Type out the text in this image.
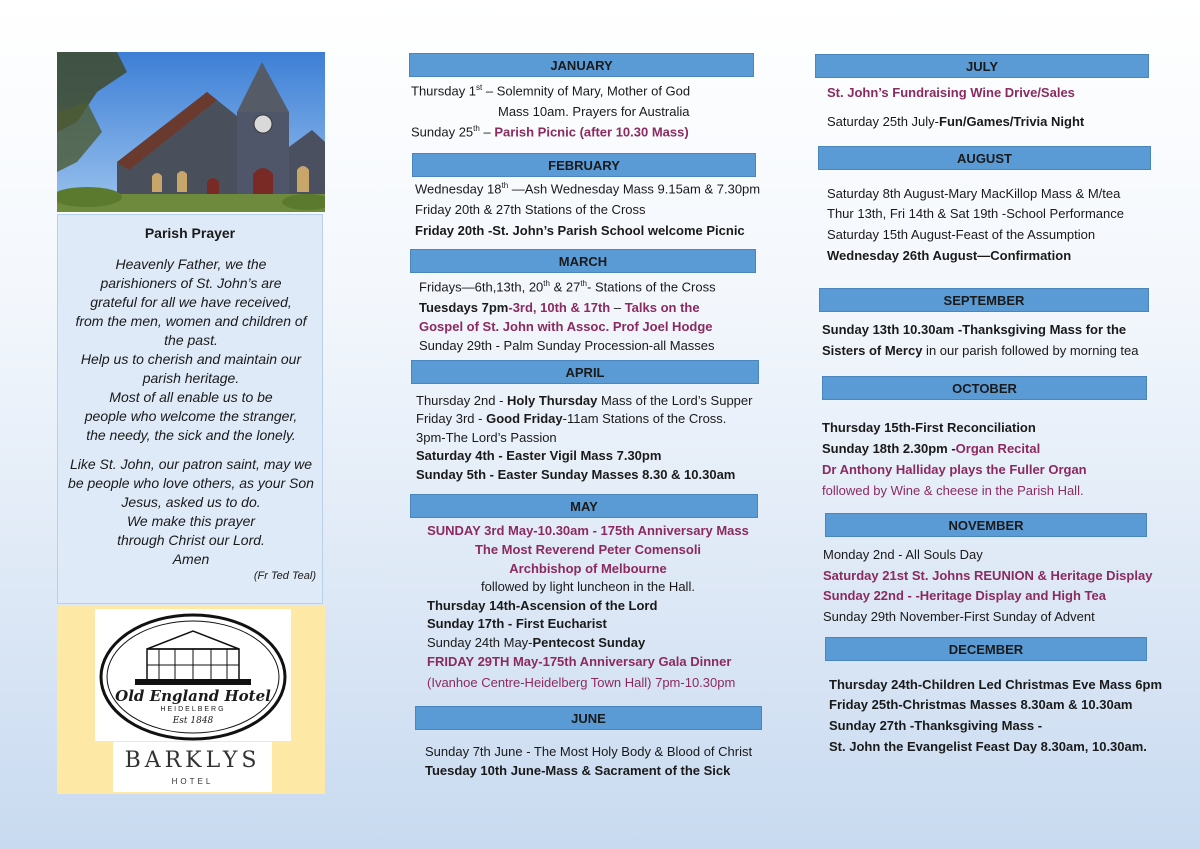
Parish Prayer
Heavenly Father, we the
parishioners of St. John’s are
grateful for all we have received,
from the men, women and children of
the past.
Help us to cherish and maintain our
parish heritage.
Most of all enable us to be
people who welcome the stranger,
the needy, the sick and the lonely.
Like St. John, our patron saint, may we
be people who love others, as your Son
Jesus, asked us to do.
We make this prayer
through Christ our Lord.
Amen
(Fr Ted Teal)
Old England Hotel
HEIDELBERG
Est 1848
BARKLYS
HOTEL
JANUARY
Thursday 1st – Solemnity of Mary, Mother of God
Mass 10am. Prayers for Australia
Sunday 25th – Parish Picnic (after 10.30 Mass)
FEBRUARY
Wednesday 18th —Ash Wednesday Mass 9.15am & 7.30pm
Friday 20th & 27th Stations of the Cross
Friday 20th -St. John’s Parish School welcome Picnic
MARCH
Fridays—6th,13th, 20th & 27th- Stations of the Cross
Tuesdays 7pm-3rd, 10th & 17th – Talks on the
Gospel of St. John with Assoc. Prof Joel Hodge
Sunday 29th - Palm Sunday Procession-all Masses
APRIL
Thursday 2nd - Holy Thursday Mass of the Lord’s Supper
Friday 3rd - Good Friday-11am Stations of the Cross.
3pm-The Lord’s Passion
Saturday 4th - Easter Vigil Mass 7.30pm
Sunday 5th - Easter Sunday Masses 8.30 & 10.30am
MAY
SUNDAY 3rd May-10.30am - 175th Anniversary Mass
The Most Reverend Peter Comensoli
Archbishop of Melbourne
followed by light luncheon in the Hall.
Thursday 14th-Ascension of the Lord
Sunday 17th - First Eucharist
Sunday 24th May-Pentecost Sunday
FRIDAY 29TH May-175th Anniversary Gala Dinner
(Ivanhoe Centre-Heidelberg Town Hall) 7pm-10.30pm
JUNE
Sunday 7th June - The Most Holy Body & Blood of Christ
Tuesday 10th June-Mass & Sacrament of the Sick
JULY
St. John’s Fundraising Wine Drive/Sales
Saturday 25th July-Fun/Games/Trivia Night
AUGUST
Saturday 8th August-Mary MacKillop Mass & M/tea
Thur 13th, Fri 14th & Sat 19th -School Performance
Saturday 15th August-Feast of the Assumption
Wednesday 26th August—Confirmation
SEPTEMBER
Sunday 13th 10.30am -Thanksgiving Mass for the
Sisters of Mercy in our parish followed by morning tea
OCTOBER
Thursday 15th-First Reconciliation
Sunday 18th 2.30pm -Organ Recital
Dr Anthony Halliday plays the Fuller Organ
followed by Wine & cheese in the Parish Hall.
NOVEMBER
Monday 2nd - All Souls Day
Saturday 21st St. Johns REUNION & Heritage Display
Sunday 22nd - -Heritage Display and High Tea
Sunday 29th November-First Sunday of Advent
DECEMBER
Thursday 24th-Children Led Christmas Eve Mass 6pm
Friday 25th-Christmas Masses 8.30am & 10.30am
Sunday 27th -Thanksgiving Mass -
St. John the Evangelist Feast Day 8.30am, 10.30am.
